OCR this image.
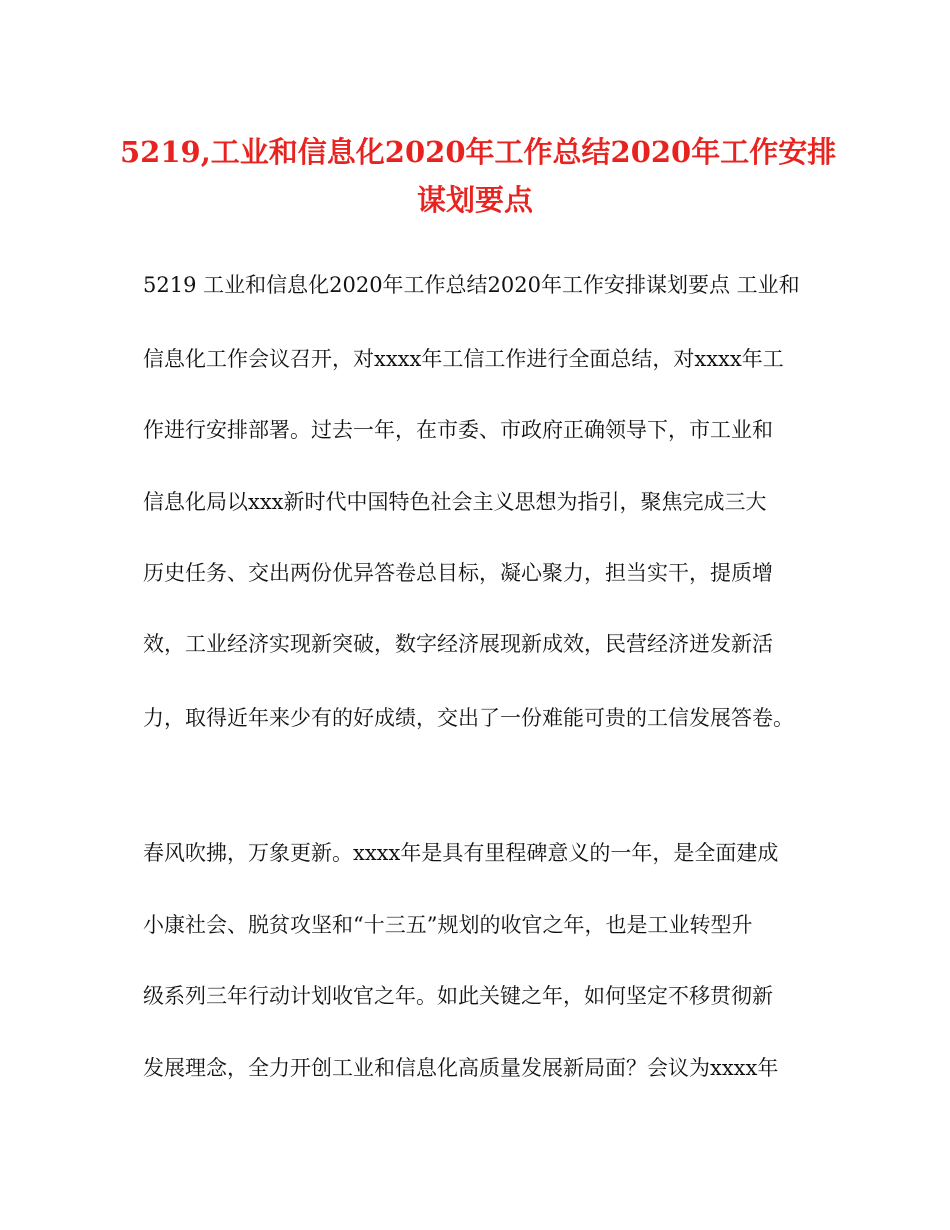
5219,工业和信息化2020年工作总结2020年工作安排
谋划要点
5219 工业和信息化2020年工作总结2020年工作安排谋划要点 工业和
信息化工作会议召开，对xxxx年工信工作进行全面总结，对xxxx年工
作进行安排部署。过去一年，在市委、市政府正确领导下，市工业和
信息化局以xxx新时代中国特色社会主义思想为指引，聚焦完成三大
历史任务、交出两份优异答卷总目标，凝心聚力，担当实干，提质增
效，工业经济实现新突破，数字经济展现新成效，民营经济迸发新活
力，取得近年来少有的好成绩，交出了一份难能可贵的工信发展答卷。
春风吹拂，万象更新。xxxx年是具有里程碑意义的一年，是全面建成
小康社会、脱贫攻坚和“十三五”规划的收官之年，也是工业转型升
级系列三年行动计划收官之年。如此关键之年，如何坚定不移贯彻新
发展理念，全力开创工业和信息化高质量发展新局面？会议为xxxx年
